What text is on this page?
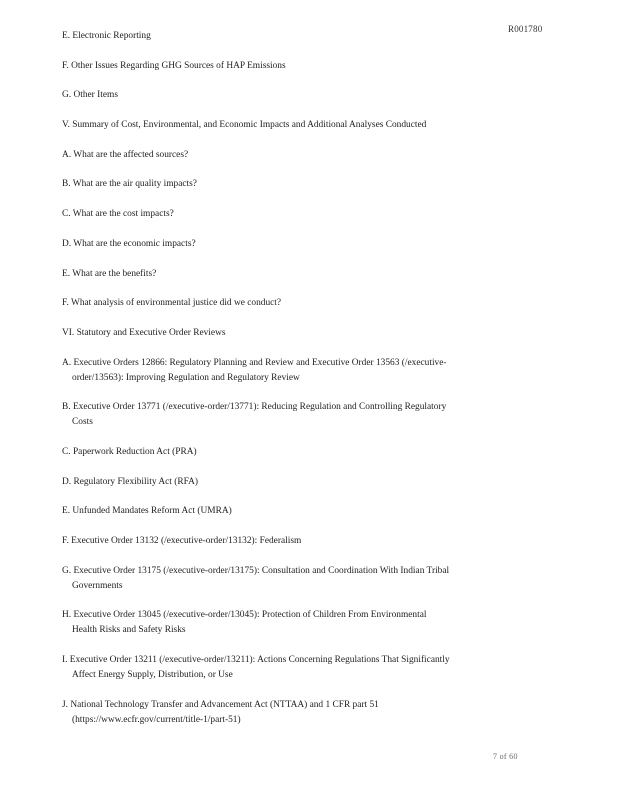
R001780
E. Electronic Reporting
F. Other Issues Regarding GHG Sources of HAP Emissions
G. Other Items
V. Summary of Cost, Environmental, and Economic Impacts and Additional Analyses Conducted
A. What are the affected sources?
B. What are the air quality impacts?
C. What are the cost impacts?
D. What are the economic impacts?
E. What are the benefits?
F. What analysis of environmental justice did we conduct?
VI. Statutory and Executive Order Reviews
A. Executive Orders 12866: Regulatory Planning and Review and Executive Order 13563 (/executive-
order/13563): Improving Regulation and Regulatory Review
B. Executive Order 13771 (/executive-order/13771): Reducing Regulation and Controlling Regulatory
Costs
C. Paperwork Reduction Act (PRA)
D. Regulatory Flexibility Act (RFA)
E. Unfunded Mandates Reform Act (UMRA)
F. Executive Order 13132 (/executive-order/13132): Federalism
G. Executive Order 13175 (/executive-order/13175): Consultation and Coordination With Indian Tribal
Governments
H. Executive Order 13045 (/executive-order/13045): Protection of Children From Environmental
Health Risks and Safety Risks
I. Executive Order 13211 (/executive-order/13211): Actions Concerning Regulations That Significantly
Affect Energy Supply, Distribution, or Use
J. National Technology Transfer and Advancement Act (NTTAA) and 1 CFR part 51
(https://www.ecfr.gov/current/title-1/part-51)
7 of 60
